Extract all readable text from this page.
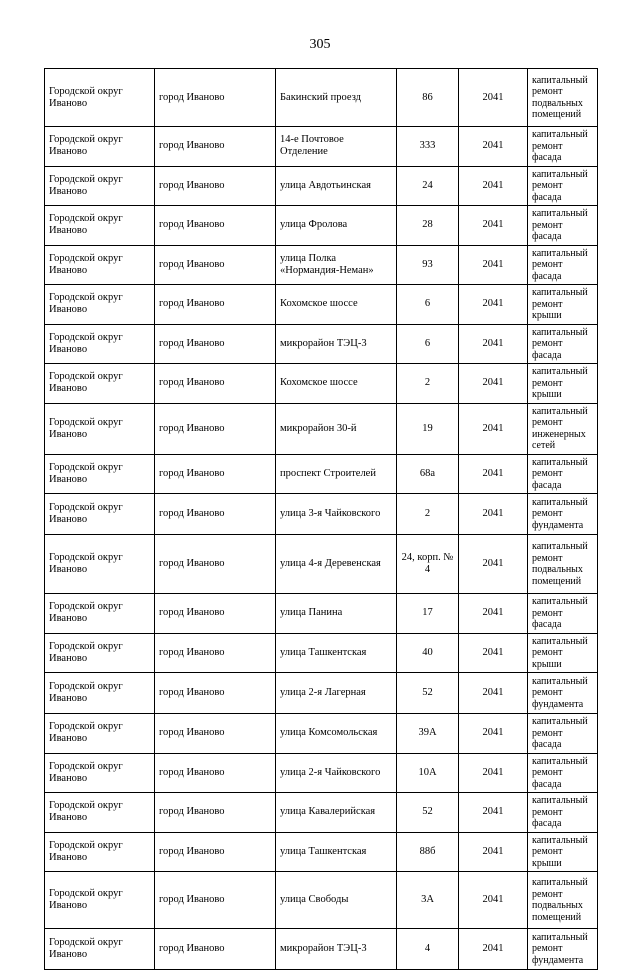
305
Городской округ Иваново	город Иваново	Бакинский проезд	86	2041	капитальный ремонт подвальных помещений
Городской округ Иваново	город Иваново	14-е Почтовое Отделение	333	2041	капитальный ремонт фасада
Городской округ Иваново	город Иваново	улица Авдотьинская	24	2041	капитальный ремонт фасада
Городской округ Иваново	город Иваново	улица Фролова	28	2041	капитальный ремонт фасада
Городской округ Иваново	город Иваново	улица Полка «Нормандия-Неман»	93	2041	капитальный ремонт фасада
Городской округ Иваново	город Иваново	Кохомское шоссе	6	2041	капитальный ремонт крыши
Городской округ Иваново	город Иваново	микрорайон ТЭЦ-3	6	2041	капитальный ремонт фасада
Городской округ Иваново	город Иваново	Кохомское шоссе	2	2041	капитальный ремонт крыши
Городской округ Иваново	город Иваново	микрорайон 30-й	19	2041	капитальный ремонт инженерных сетей
Городской округ Иваново	город Иваново	проспект Строителей	68а	2041	капитальный ремонт фасада
Городской округ Иваново	город Иваново	улица 3-я Чайковского	2	2041	капитальный ремонт фундамента
Городской округ Иваново	город Иваново	улица 4-я Деревенская	24, корп. № 4	2041	капитальный ремонт подвальных помещений
Городской округ Иваново	город Иваново	улица Панина	17	2041	капитальный ремонт фасада
Городской округ Иваново	город Иваново	улица Ташкентская	40	2041	капитальный ремонт крыши
Городской округ Иваново	город Иваново	улица 2-я Лагерная	52	2041	капитальный ремонт фундамента
Городской округ Иваново	город Иваново	улица Комсомольская	39А	2041	капитальный ремонт фасада
Городской округ Иваново	город Иваново	улица 2-я Чайковского	10А	2041	капитальный ремонт фасада
Городской округ Иваново	город Иваново	улица Кавалерийская	52	2041	капитальный ремонт фасада
Городской округ Иваново	город Иваново	улица Ташкентская	88б	2041	капитальный ремонт крыши
Городской округ Иваново	город Иваново	улица Свободы	3А	2041	капитальный ремонт подвальных помещений
Городской округ Иваново	город Иваново	микрорайон ТЭЦ-3	4	2041	капитальный ремонт фундамента
